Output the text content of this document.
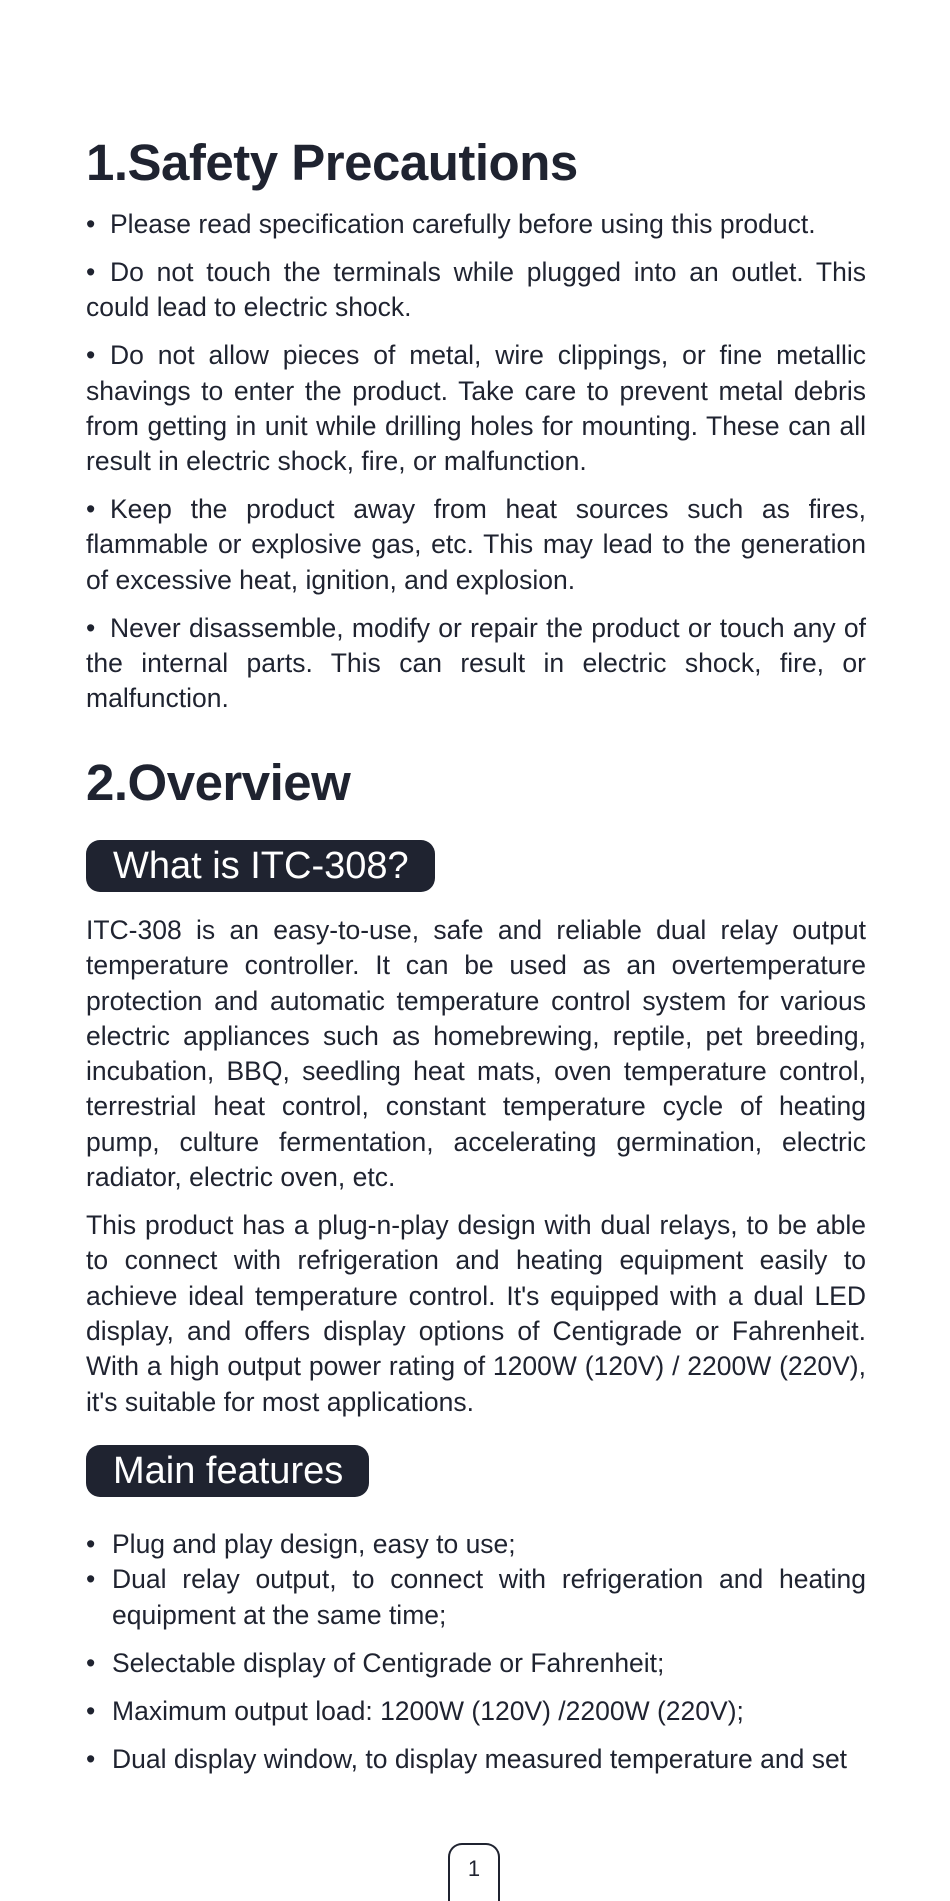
1.Safety Precautions

• Please read specification carefully before using this product.

• Do not touch the terminals while plugged into an outlet. This could lead to electric shock.

• Do not allow pieces of metal, wire clippings, or fine metallic shavings to enter the product. Take care to prevent metal debris from getting in unit while drilling holes for mounting. These can all result in electric shock, fire, or malfunction.

• Keep the product away from heat sources such as fires, flammable or explosive gas, etc. This may lead to the generation of excessive heat, ignition, and explosion.

• Never disassemble, modify or repair the product or touch any of the internal parts. This can result in electric shock, fire, or malfunction.

2.Overview
What is ITC-308?

ITC-308 is an easy-to-use, safe and reliable dual relay output temperature controller. It can be used as an overtemperature protection and automatic temperature control system for various electric appliances such as homebrewing, reptile, pet breeding, incubation, BBQ, seedling heat mats, oven temperature control, terrestrial heat control, constant temperature cycle of heating pump, culture fermentation, accelerating germination, electric radiator, electric oven, etc.

This product has a plug-n-play design with dual relays, to be able to connect with refrigeration and heating equipment easily to achieve ideal temperature control. It's equipped with a dual LED display, and offers display options of Centigrade or Fahrenheit. With a high output power rating of 1200W (120V) / 2200W (220V), it's suitable for most applications.

Main features
• Plug and play design, easy to use;
• Dual relay output, to connect with refrigeration and heating equipment at the same time;
• Selectable display of Centigrade or Fahrenheit;
• Maximum output load: 1200W (120V) /2200W (220V);
• Dual display window, to display measured temperature and set
1
